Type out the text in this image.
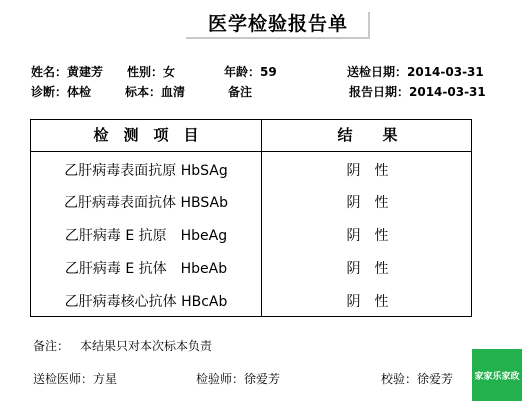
医学检验报告单
姓名：黄建芳 性别：女	年龄：59	送检日期：2014-03-31
诊断：体检	标本：血清	备注	报告日期：2014-03-31
检　测　项　目	结　　果
乙肝病毒表面抗原 HbSAg	阴性
乙肝病毒表面抗体 HBSAb	阴性
乙肝病毒 E 抗原　HbeAg	阴性
乙肝病毒 E 抗体　HbeAb	阴性
乙肝病毒核心抗体 HBcAb	阴性
备注： 本结果只对本次标本负责
送检医师：方星	检验师：徐爱芳	校验：徐爱芳 家家乐家政
